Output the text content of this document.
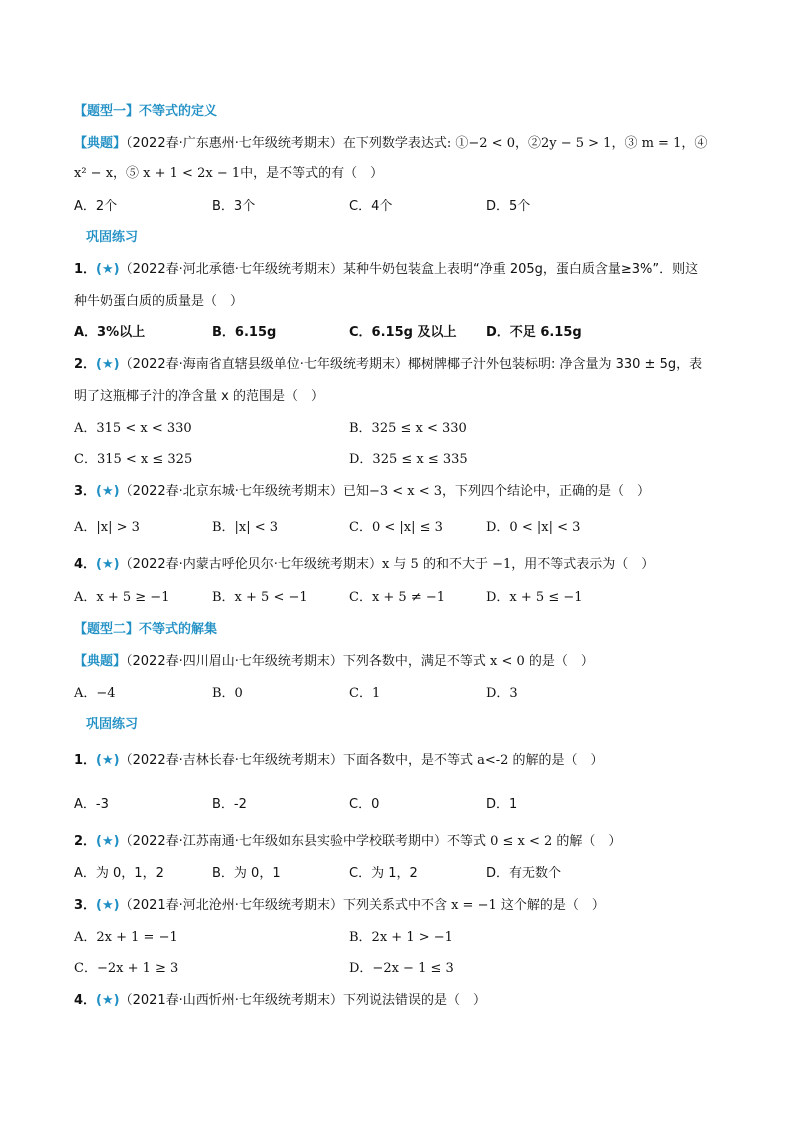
【题型一】不等式的定义
【典题】（2022春·广东惠州·七年级统考期末）在下列数学表达式: ①−2 < 0，②2y − 5 > 1，③ m = 1，④
x² − x，⑤ x + 1 < 2x − 1中，是不等式的有（　）
A．2个	B．3个	C．4个	D．5个
巩固练习
1．(★)（2022春·河北承德·七年级统考期末）某种牛奶包装盒上表明“净重 205g，蛋白质含量≥3%”．则这
种牛奶蛋白质的质量是（　）
A．3%以上	B．6.15g	C．6.15g 及以上 D．不足 6.15g
2．(★)（2022春·海南省直辖县级单位·七年级统考期末）椰树牌椰子汁外包装标明: 净含量为 330 ± 5g，表
明了这瓶椰子汁的净含量 x 的范围是（　）
A．315 < x < 330	B．325 ≤ x < 330
C．315 < x ≤ 325	D．325 ≤ x ≤ 335
3．(★)（2022春·北京东城·七年级统考期末）已知−3 < x < 3，下列四个结论中，正确的是（　）
A．|x| > 3	B．|x| < 3	C．0 < |x| ≤ 3	D．0 < |x| < 3
4．(★)（2022春·内蒙古呼伦贝尔·七年级统考期末）x 与 5 的和不大于 −1，用不等式表示为（　）
A．x + 5 ≥ −1	B．x + 5 < −1	C．x + 5 ≠ −1	D．x + 5 ≤ −1
【题型二】不等式的解集
【典题】（2022春·四川眉山·七年级统考期末）下列各数中，满足不等式 x < 0 的是（　）
A．−4	B．0	C．1	D．3
巩固练习
1．(★)（2022春·吉林长春·七年级统考期末）下面各数中，是不等式 a<-2 的解的是（　）
A．-3	B．-2	C．0	D．1
2．(★)（2022春·江苏南通·七年级如东县实验中学校联考期中）不等式 0 ≤ x < 2 的解（　）
A．为 0，1，2	B．为 0，1	C．为 1，2	D．有无数个
3．(★)（2021春·河北沧州·七年级统考期末）下列关系式中不含 x = −1 这个解的是（　）
A．2x + 1 = −1	B．2x + 1 > −1
C．−2x + 1 ≥ 3	D．−2x − 1 ≤ 3
4．(★)（2021春·山西忻州·七年级统考期末）下列说法错误的是（　）
